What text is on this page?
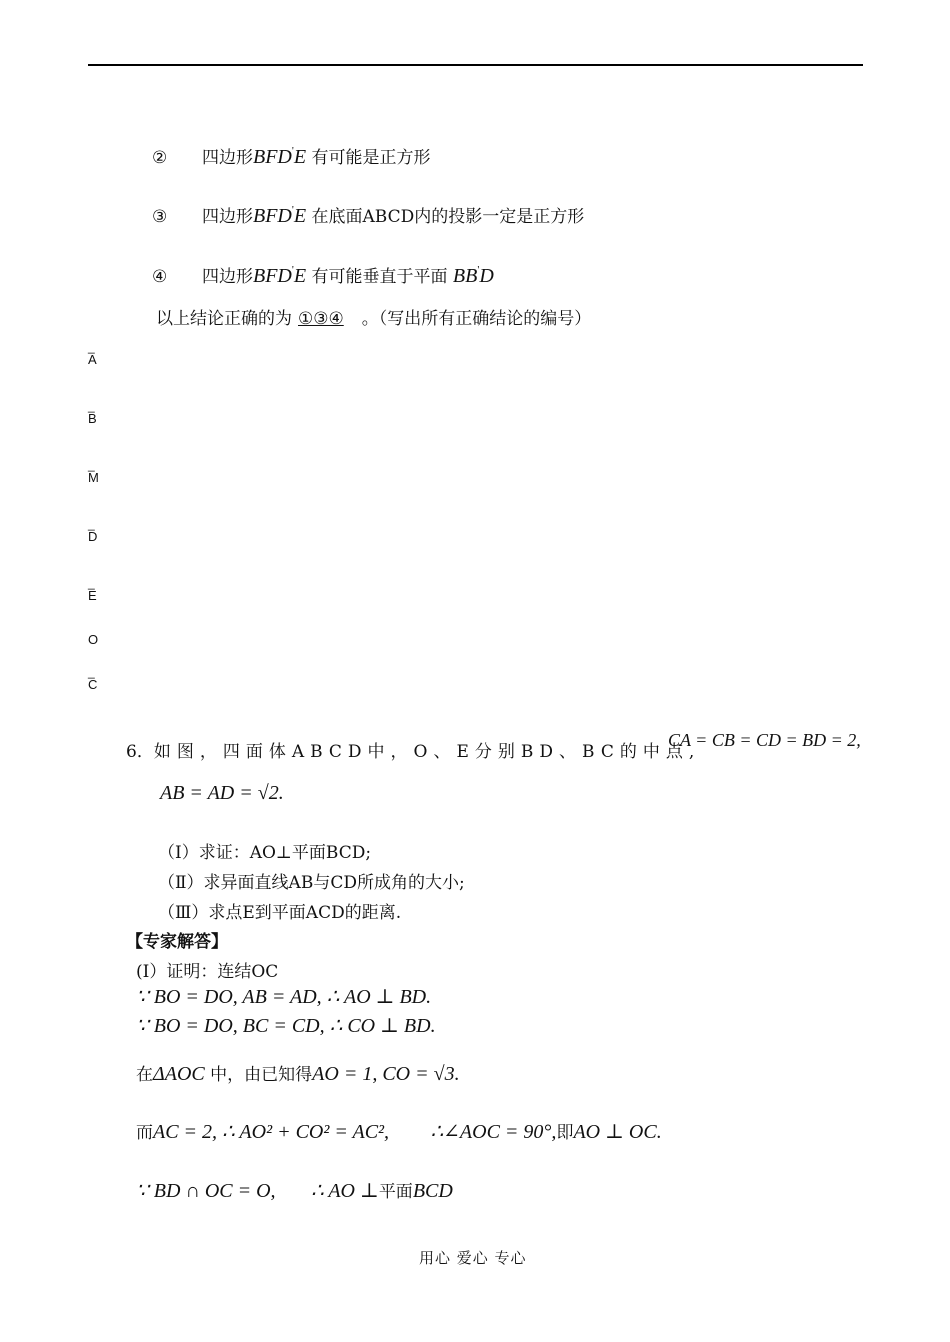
② 四边形BFD'E 有可能是正方形
③ 四边形BFD'E 在底面ABCD内的投影一定是正方形
④ 四边形BFD'E 有可能垂直于平面 BB'D
以上结论正确的为 ①③④ 。（写出所有正确结论的编号）
_
A
_
B
_
M
_
D
_
E
O
_
C
6．如图，四面体ABCD中，O、E分别BD、BC的中点,
CA = CB = CD = BD = 2,
AB = AD = √2.
（Ⅰ）求证：AO⊥平面BCD;
（Ⅱ）求异面直线AB与CD所成角的大小;
（Ⅲ）求点E到平面ACD的距离.
【专家解答】
(I）证明：连结OC
∵ BO = DO, AB = AD, ∴ AO ⊥ BD.
∵ BO = DO, BC = CD, ∴ CO ⊥ BD.
在ΔAOC 中，由已知得AO = 1, CO = √3.
而AC = 2, ∴ AO² + CO² = AC², ∴∠AOC = 90°,即AO ⊥ OC.
∵ BD ∩ OC = O, ∴ AO ⊥平面BCD
用心 爱心 专心
